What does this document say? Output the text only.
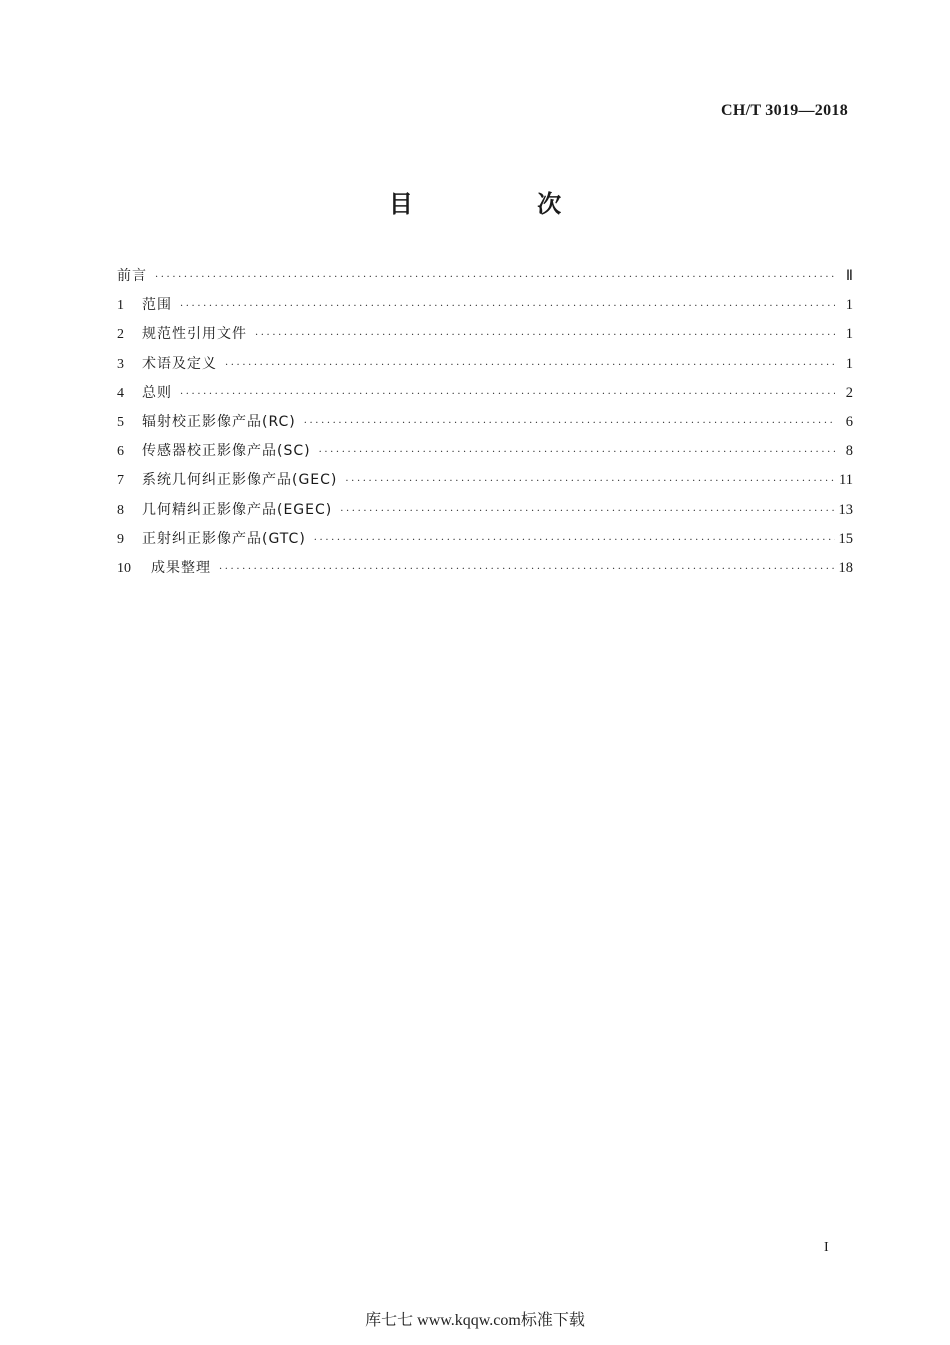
CH/T 3019—2018
目 次
前言 ·····	Ⅱ
1	范围 ·····	1
2	规范性引用文件 ·····	1
3	术语及定义 ·····	1
4	总则 ·····	2
5	辐射校正影像产品(RC) ·····	6
6	传感器校正影像产品(SC) ·····	8
7	系统几何纠正影像产品(GEC) ·····	11
8	几何精纠正影像产品(EGEC) ·····	13
9	正射纠正影像产品(GTC) ·····	15
10	成果整理 ·····	18
I
库七七 www.kqqw.com标准下载
